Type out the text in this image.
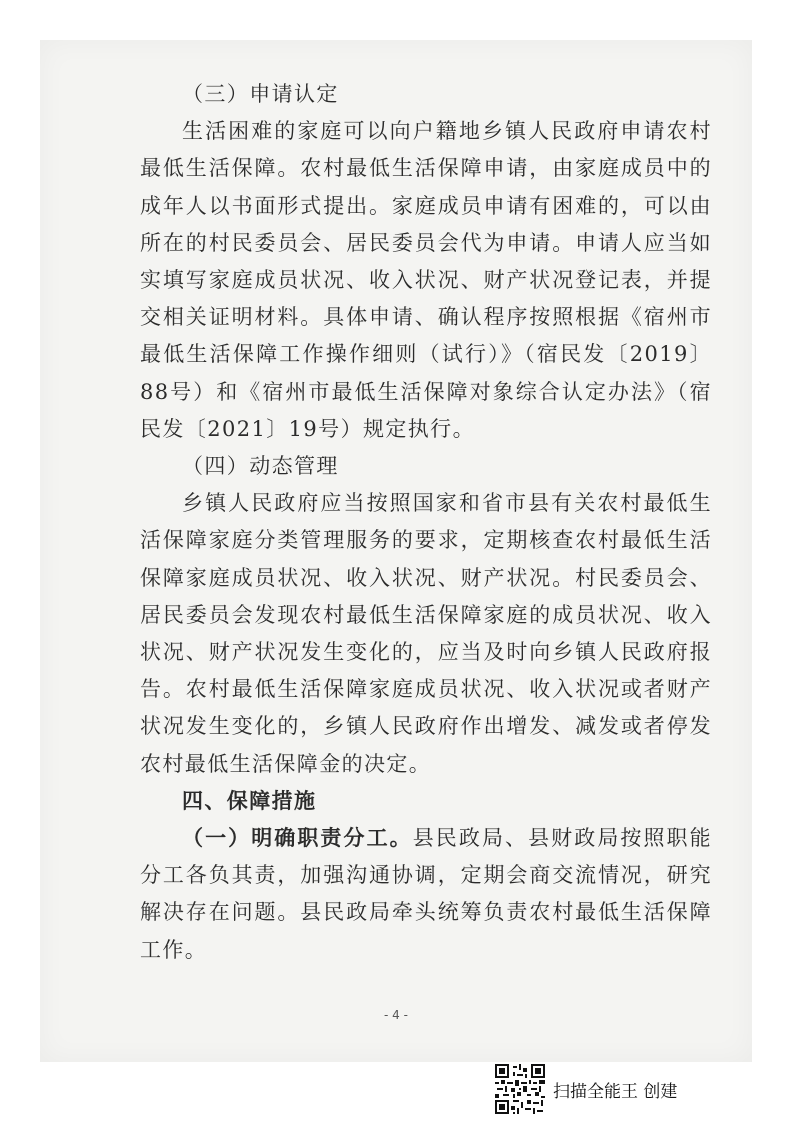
（三）申请认定

生活困难的家庭可以向户籍地乡镇人民政府申请农村最低生活保障。农村最低生活保障申请，由家庭成员中的成年人以书面形式提出。家庭成员申请有困难的，可以由所在的村民委员会、居民委员会代为申请。申请人应当如实填写家庭成员状况、收入状况、财产状况登记表，并提交相关证明材料。具体申请、确认程序按照根据《宿州市最低生活保障工作操作细则（试行）》（宿民发〔2019〕88号）和《宿州市最低生活保障对象综合认定办法》（宿民发〔2021〕19号）规定执行。

（四）动态管理

乡镇人民政府应当按照国家和省市县有关农村最低生活保障家庭分类管理服务的要求，定期核查农村最低生活保障家庭成员状况、收入状况、财产状况。村民委员会、居民委员会发现农村最低生活保障家庭的成员状况、收入状况、财产状况发生变化的，应当及时向乡镇人民政府报告。农村最低生活保障家庭成员状况、收入状况或者财产状况发生变化的，乡镇人民政府作出增发、减发或者停发农村最低生活保障金的决定。

四、保障措施

（一）明确职责分工。县民政局、县财政局按照职能分工各负其责，加强沟通协调，定期会商交流情况，研究解决存在问题。县民政局牵头统筹负责农村最低生活保障工作。

- 4 -
扫描全能王 创建
